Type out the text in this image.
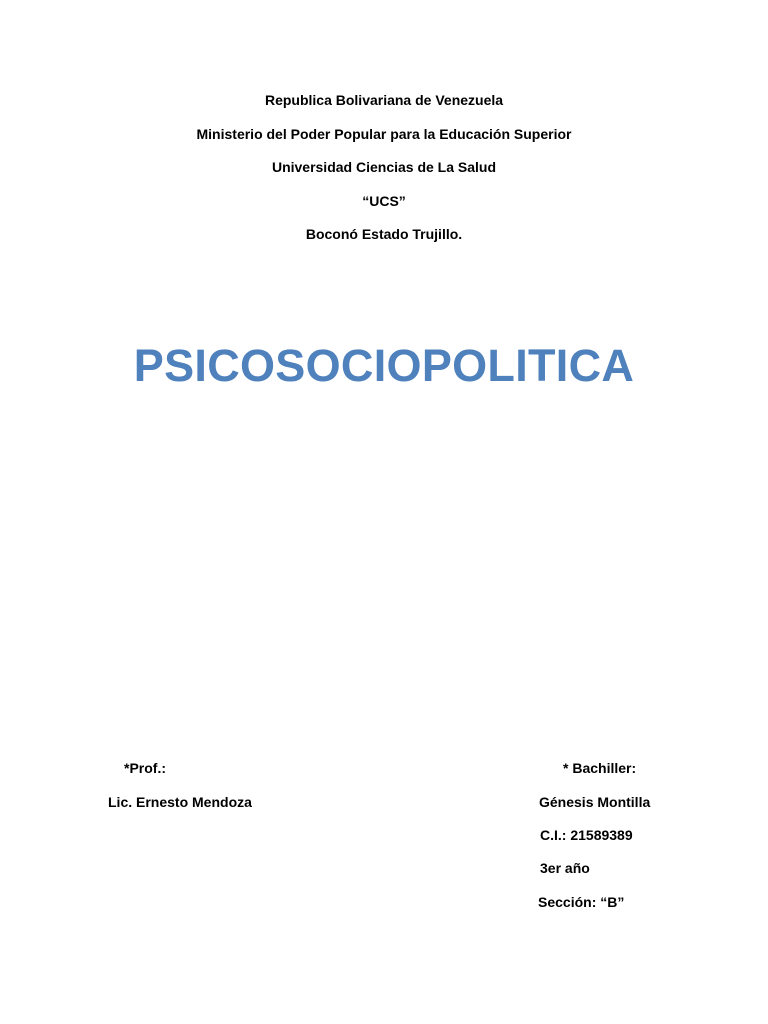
Republica Bolivariana de Venezuela
Ministerio del Poder Popular para la Educación Superior
Universidad Ciencias de La Salud
“UCS”
Boconó Estado Trujillo.
PSICOSOCIOPOLITICA
*Prof.:
Lic. Ernesto Mendoza
* Bachiller:
Génesis Montilla
C.I.: 21589389
3er año
Sección: “B”
